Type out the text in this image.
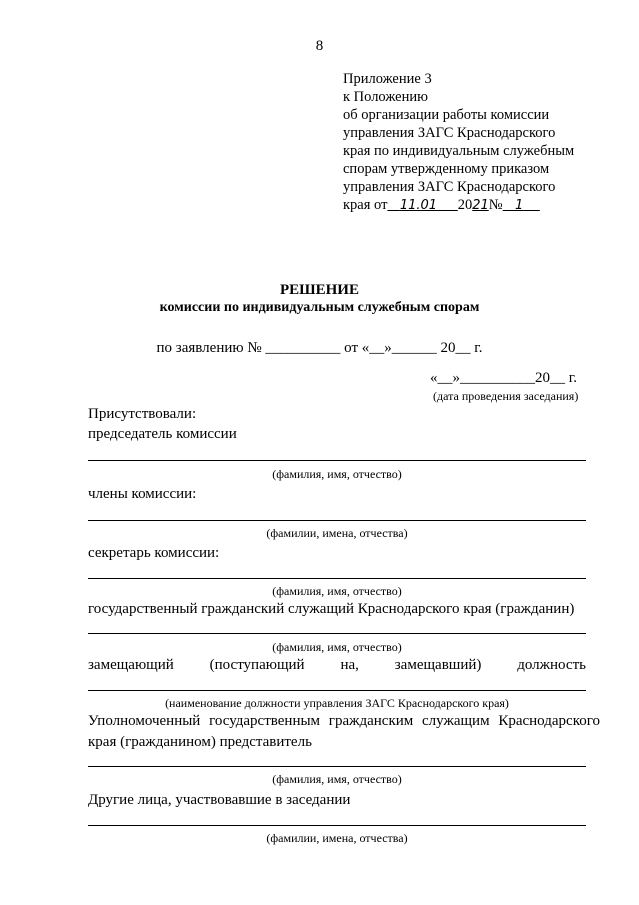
8
Приложение 3
к Положению
об организации работы комиссии
управления ЗАГС Краснодарского
края по индивидуальным служебным
спорам утвержденному приказом
управления ЗАГС Краснодарского
края от 11.01 2021№ 1
РЕШЕНИЕ
комиссии по индивидуальным служебным спорам
по заявлению № __________ от «__»______ 20__ г.
«__»__________20__ г.
(дата проведения заседания)
Присутствовали:
председатель комиссии
(фамилия, имя, отчество)
члены комиссии:
(фамилии, имена, отчества)
секретарь комиссии:
(фамилия, имя, отчество)
государственный гражданский служащий Краснодарского края (гражданин)
(фамилия, имя, отчество)
замещающий (поступающий на, замещавший) должность
(наименование должности управления ЗАГС Краснодарского края)
Уполномоченный государственным гражданским служащим Краснодарского
края (гражданином) представитель
(фамилия, имя, отчество)
Другие лица, участвовавшие в заседании
(фамилии, имена, отчества)
